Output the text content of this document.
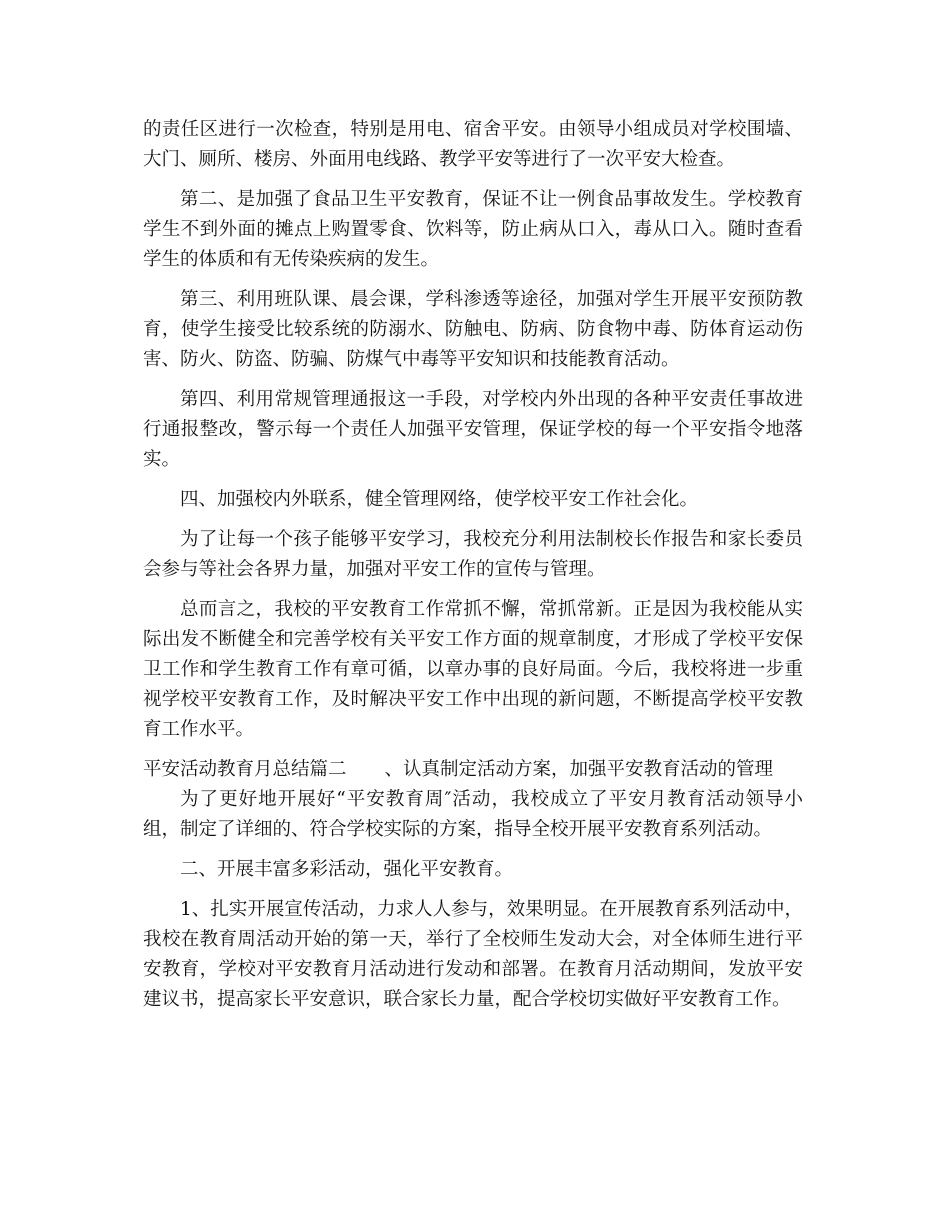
的责任区进行一次检查，特别是用电、宿舍平安。由领导小组成员对学校围墙、大门、厕所、楼房、外面用电线路、教学平安等进行了一次平安大检查。

第二、是加强了食品卫生平安教育，保证不让一例食品事故发生。学校教育学生不到外面的摊点上购置零食、饮料等，防止病从口入，毒从口入。随时查看学生的体质和有无传染疾病的发生。

第三、利用班队课、晨会课，学科渗透等途径，加强对学生开展平安预防教育，使学生接受比较系统的防溺水、防触电、防病、防食物中毒、防体育运动伤害、防火、防盗、防骗、防煤气中毒等平安知识和技能教育活动。

第四、利用常规管理通报这一手段，对学校内外出现的各种平安责任事故进行通报整改，警示每一个责任人加强平安管理，保证学校的每一个平安指令地落实。

四、加强校内外联系，健全管理网络，使学校平安工作社会化。

为了让每一个孩子能够平安学习，我校充分利用法制校长作报告和家长委员会参与等社会各界力量，加强对平安工作的宣传与管理。

总而言之，我校的平安教育工作常抓不懈，常抓常新。正是因为我校能从实际出发不断健全和完善学校有关平安工作方面的规章制度，才形成了学校平安保卫工作和学生教育工作有章可循，以章办事的良好局面。今后，我校将进一步重视学校平安教育工作，及时解决平安工作中出现的新问题，不断提高学校平安教育工作水平。

平安活动教育月总结篇二 、认真制定活动方案，加强平安教育活动的管理

为了更好地开展好“平安教育周″活动，我校成立了平安月教育活动领导小组，制定了详细的、符合学校实际的方案，指导全校开展平安教育系列活动。

二、开展丰富多彩活动，强化平安教育。

1、扎实开展宣传活动，力求人人参与，效果明显。在开展教育系列活动中，我校在教育周活动开始的第一天，举行了全校师生发动大会，对全体师生进行平安教育，学校对平安教育月活动进行发动和部署。在教育月活动期间，发放平安建议书，提高家长平安意识，联合家长力量，配合学校切实做好平安教育工作。
